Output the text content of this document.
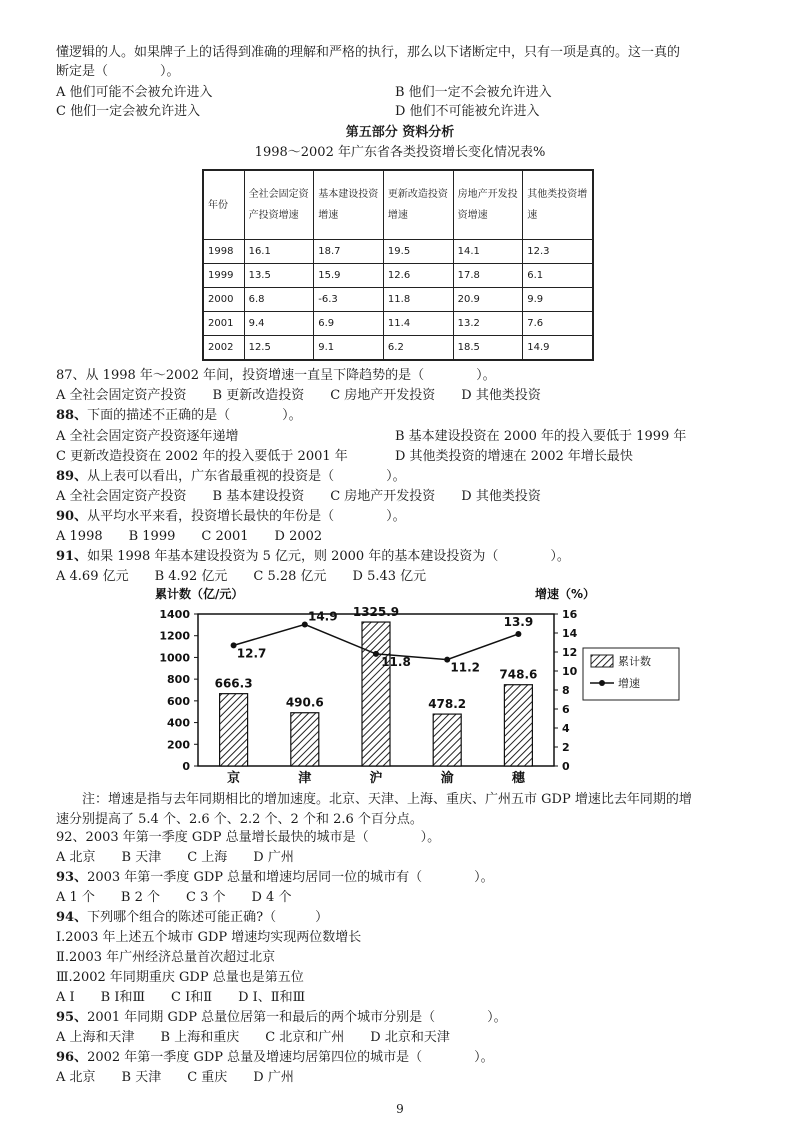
懂逻辑的人。如果牌子上的话得到准确的理解和严格的执行，那么以下诸断定中，只有一项是真的。这一真的
断定是（　　　　）。
A 他们可能不会被允许进入	B 他们一定不会被允许进入
C 他们一定会被允许进入	D 他们不可能被允许进入
第五部分 资料分析
1998～2002 年广东省各类投资增长变化情况表%
年份	全社会固定资产投资增速	基本建设投资增速	更新改造投资增速	房地产开发投资增速	其他类投资增速
1998	16.1	18.7	19.5	14.1	12.3
1999	13.5	15.9	12.6	17.8	6.1
2000	6.8	-6.3	11.8	20.9	9.9
2001	9.4	6.9	11.4	13.2	7.6
2002	12.5	9.1	6.2	18.5	14.9
87、从 1998 年～2002 年间，投资增速一直呈下降趋势的是（　　　　）。
A 全社会固定资产投资　　B 更新改造投资　　C 房地产开发投资　　D 其他类投资
88、下面的描述不正确的是（　　　　）。
A 全社会固定资产投资逐年递增	B 基本建设投资在 2000 年的投入要低于 1999 年
C 更新改造投资在 2002 年的投入要低于 2001 年	D 其他类投资的增速在 2002 年增长最快
89、从上表可以看出，广东省最重视的投资是（　　　　）。
A 全社会固定资产投资　　B 基本建设投资　　C 房地产开发投资　　D 其他类投资
90、从平均水平来看，投资增长最快的年份是（　　　　）。
A 1998　　B 1999　　C 2001　　D 2002
91、如果 1998 年基本建设投资为 5 亿元，则 2000 年的基本建设投资为（　　　　）。
A 4.69 亿元　　B 4.92 亿元　　C 5.28 亿元　　D 5.43 亿元
累计数（亿/元）	增速（%）
0
200
400
600
800
1000
1200
1400
0
2
4
6
8
10
12
14
16
666.3
490.6
1325.9
478.2
748.6
12.7
14.9
11.8	11.2
13.9
京	津	沪	渝	穗
累计数
增速
　　注：增速是指与去年同期相比的增加速度。北京、天津、上海、重庆、广州五市 GDP 增速比去年同期的增
速分别提高了 5.4 个、2.6 个、2.2 个、2 个和 2.6 个百分点。
92、2003 年第一季度 GDP 总量增长最快的城市是（　　　　）。
A 北京　　B 天津　　C 上海　　D 广州
93、2003 年第一季度 GDP 总量和增速均居同一位的城市有（　　　　）。
A 1 个　　B 2 个　　C 3 个　　D 4 个
94、下列哪个组合的陈述可能正确?（　　　）
Ⅰ.2003 年上述五个城市 GDP 增速均实现两位数增长
Ⅱ.2003 年广州经济总量首次超过北京
Ⅲ.2002 年同期重庆 GDP 总量也是第五位
A Ⅰ　　B Ⅰ和Ⅲ　　C Ⅰ和Ⅱ　　D Ⅰ、Ⅱ和Ⅲ
95、2001 年同期 GDP 总量位居第一和最后的两个城市分别是（　　　　）。
A 上海和天津　　B 上海和重庆　　C 北京和广州　　D 北京和天津
96、2002 年第一季度 GDP 总量及增速均居第四位的城市是（　　　　）。
A 北京　　B 天津　　C 重庆　　D 广州
9
